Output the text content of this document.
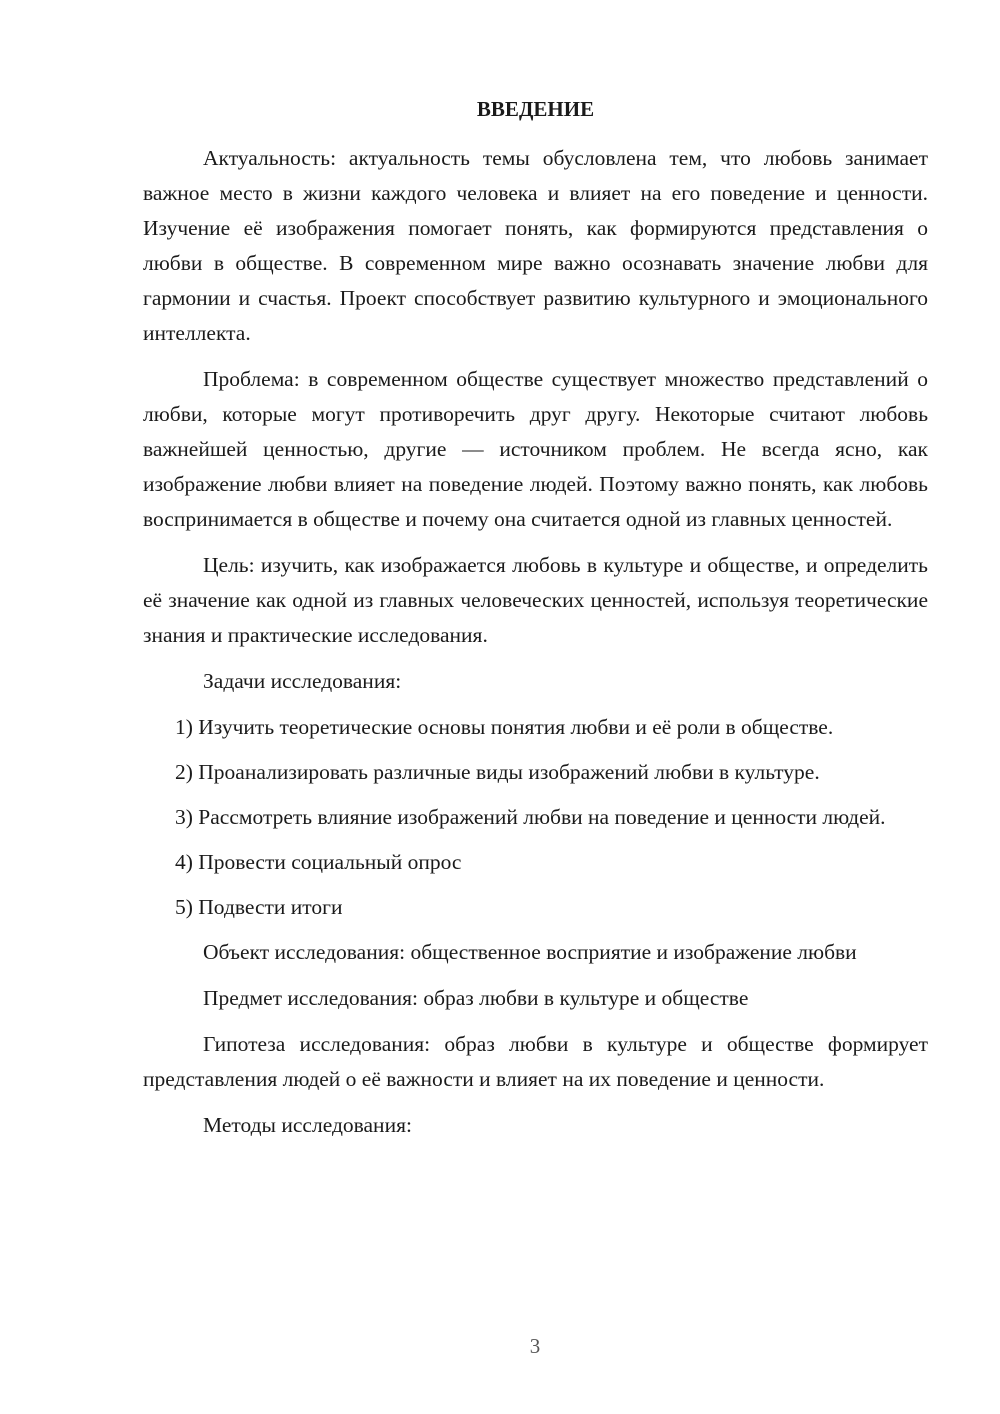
ВВЕДЕНИЕ

Актуальность: актуальность темы обусловлена тем, что любовь занимает важное место в жизни каждого человека и влияет на его поведение и ценности. Изучение её изображения помогает понять, как формируются представления о любви в обществе. В современном мире важно осознавать значение любви для гармонии и счастья. Проект способствует развитию культурного и эмоционального интеллекта.

Проблема: в современном обществе существует множество представлений о любви, которые могут противоречить друг другу. Некоторые считают любовь важнейшей ценностью, другие — источником проблем. Не всегда ясно, как изображение любви влияет на поведение людей. Поэтому важно понять, как любовь воспринимается в обществе и почему она считается одной из главных ценностей.

Цель: изучить, как изображается любовь в культуре и обществе, и определить её значение как одной из главных человеческих ценностей, используя теоретические знания и практические исследования.

Задачи исследования:

1) Изучить теоретические основы понятия любви и её роли в обществе.

2) Проанализировать различные виды изображений любви в культуре.

3) Рассмотреть влияние изображений любви на поведение и ценности людей.

4) Провести социальный опрос

5) Подвести итоги

Объект исследования: общественное восприятие и изображение любви

Предмет исследования: образ любви в культуре и обществе

Гипотеза исследования: образ любви в культуре и обществе формирует представления людей о её важности и влияет на их поведение и ценности.

Методы исследования:

3
